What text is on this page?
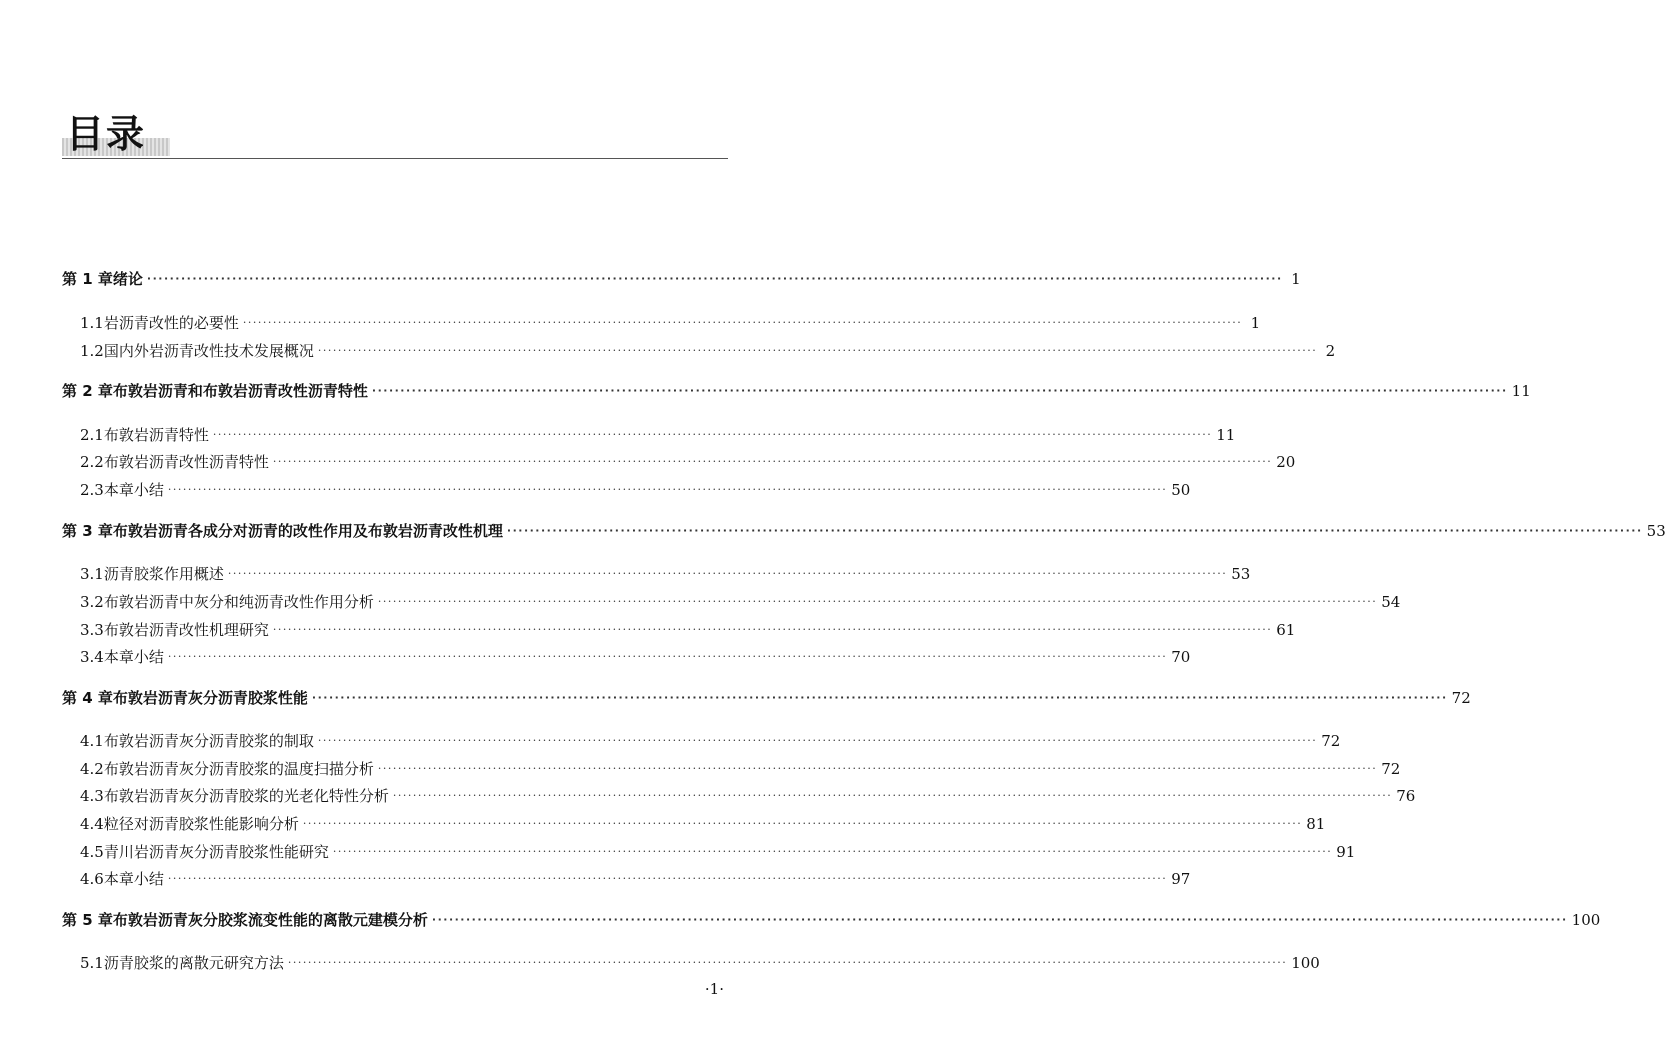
目录
第 1 章 绪论 ········································································································································································································ 1
1.1 岩沥青改性的必要性 ········································································································································································································ 1
1.2 国内外岩沥青改性技术发展概况 ········································································································································································································ 2
第 2 章 布敦岩沥青和布敦岩沥青改性沥青特性 ········································································································································································································ 11
2.1 布敦岩沥青特性 ········································································································································································································ 11
2.2 布敦岩沥青改性沥青特性 ········································································································································································································ 20
2.3 本章小结 ········································································································································································································ 50
第 3 章 布敦岩沥青各成分对沥青的改性作用及布敦岩沥青改性机理 ········································································································································································································ 53
3.1 沥青胶浆作用概述 ········································································································································································································ 53
3.2 布敦岩沥青中灰分和纯沥青改性作用分析 ········································································································································································································ 54
3.3 布敦岩沥青改性机理研究 ········································································································································································································ 61
3.4 本章小结 ········································································································································································································ 70
第 4 章 布敦岩沥青灰分沥青胶浆性能 ········································································································································································································ 72
4.1 布敦岩沥青灰分沥青胶浆的制取 ········································································································································································································ 72
4.2 布敦岩沥青灰分沥青胶浆的温度扫描分析 ········································································································································································································ 72
4.3 布敦岩沥青灰分沥青胶浆的光老化特性分析 ········································································································································································································ 76
4.4 粒径对沥青胶浆性能影响分析 ········································································································································································································ 81
4.5 青川岩沥青灰分沥青胶浆性能研究 ········································································································································································································ 91
4.6 本章小结 ········································································································································································································ 97
第 5 章 布敦岩沥青灰分胶浆流变性能的离散元建模分析 ········································································································································································································ 100
5.1 沥青胶浆的离散元研究方法 ········································································································································································································ 100
·1·
